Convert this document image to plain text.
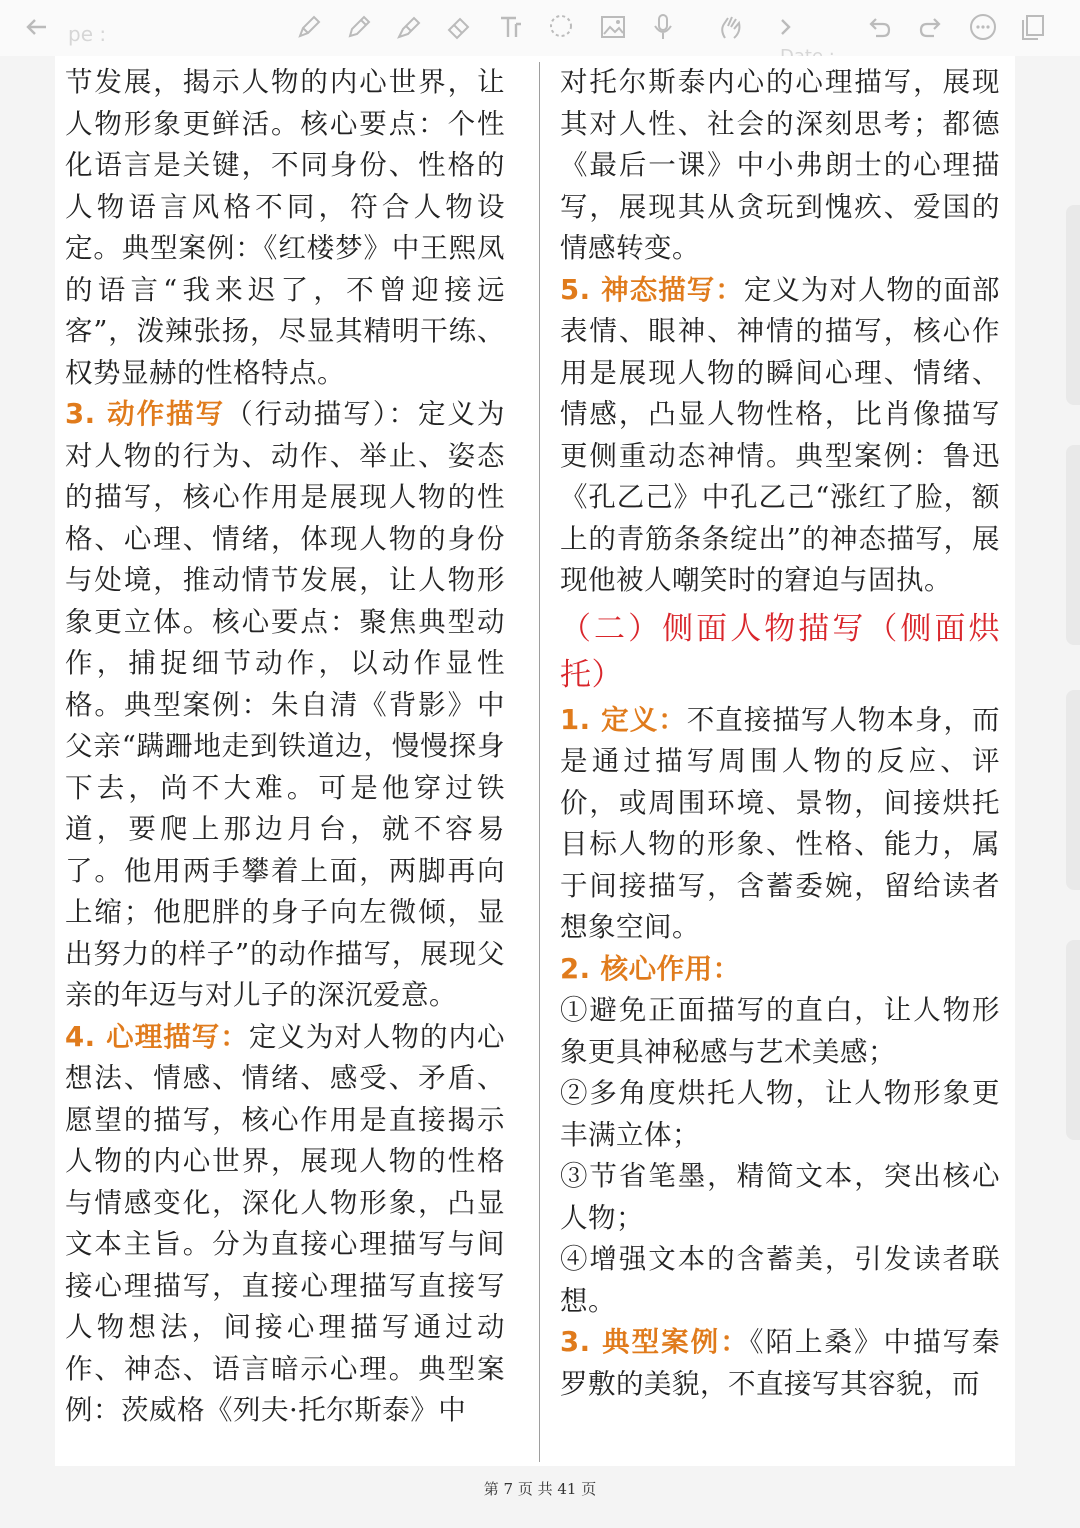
pe :

节发展，揭示人物的内心世界，让人物形象更鲜活。核心要点：个性化语言是关键，不同身份、性格的人物语言风格不同，符合人物设定。典型案例：《红楼梦》中王熙凤的语言“我来迟了，不曾迎接远客”，泼辣张扬，尽显其精明干练、权势显赫的性格特点。

3. 动作描写（行动描写）：定义为对人物的行为、动作、举止、姿态的描写，核心作用是展现人物的性格、心理、情绪，体现人物的身份与处境，推动情节发展，让人物形象更立体。核心要点：聚焦典型动作，捕捉细节动作，以动作显性格。典型案例：朱自清《背影》中父亲“蹒跚地走到铁道边，慢慢探身下去，尚不大难。可是他穿过铁道，要爬上那边月台，就不容易了。他用两手攀着上面，两脚再向上缩；他肥胖的身子向左微倾，显出努力的样子”的动作描写，展现父亲的年迈与对儿子的深沉爱意。

4. 心理描写：定义为对人物的内心想法、情感、情绪、感受、矛盾、愿望的描写，核心作用是直接揭示人物的内心世界，展现人物的性格与情感变化，深化人物形象，凸显文本主旨。分为直接心理描写与间接心理描写，直接心理描写直接写人物想法，间接心理描写通过动作、神态、语言暗示心理。典型案例：茨威格《列夫·托尔斯泰》中

对托尔斯泰内心的心理描写，展现其对人性、社会的深刻思考；都德《最后一课》中小弗朗士的心理描写，展现其从贪玩到愧疚、爱国的情感转变。

5. 神态描写：定义为对人物的面部表情、眼神、神情的描写，核心作用是展现人物的瞬间心理、情绪、情感，凸显人物性格，比肖像描写更侧重动态神情。典型案例：鲁迅《孔乙己》中孔乙己“涨红了脸，额上的青筋条条绽出”的神态描写，展现他被人嘲笑时的窘迫与固执。

（二）侧面人物描写（侧面烘托）

1. 定义：不直接描写人物本身，而是通过描写周围人物的反应、评价，或周围环境、景物，间接烘托目标人物的形象、性格、能力，属于间接描写，含蓄委婉，留给读者想象空间。

2. 核心作用：

①避免正面描写的直白，让人物形象更具神秘感与艺术美感；

②多角度烘托人物，让人物形象更丰满立体；

③节省笔墨，精简文本，突出核心人物；

④增强文本的含蓄美，引发读者联想。

3. 典型案例：《陌上桑》中描写秦罗敷的美貌，不直接写其容貌，而

第 7 页 共 41 页
